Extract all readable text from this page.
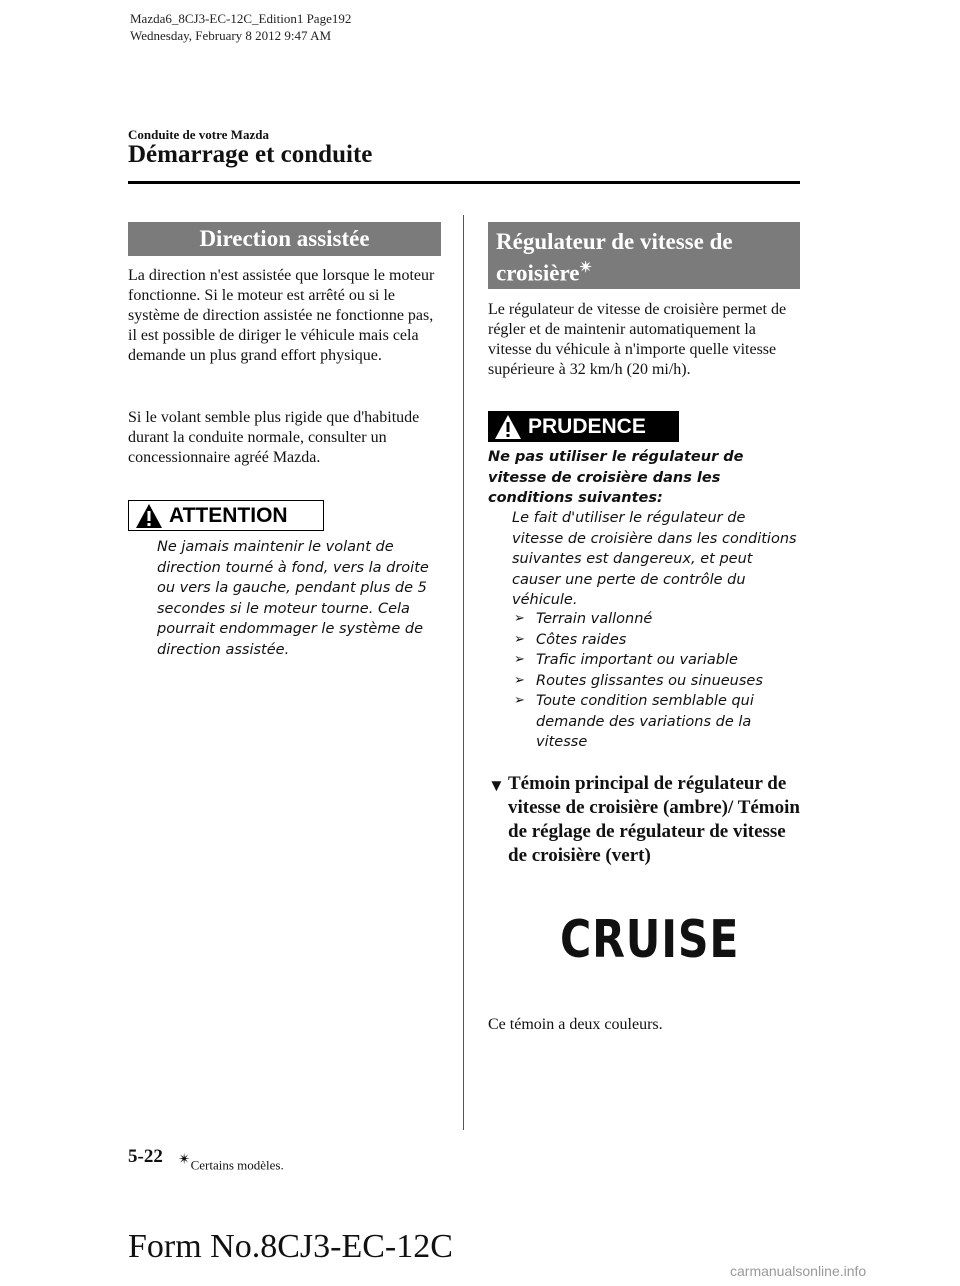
Mazda6_8CJ3-EC-12C_Edition1 Page192
Wednesday, February 8 2012 9:47 AM
Conduite de votre Mazda
Démarrage et conduite
Direction assistée
La direction n'est assistée que lorsque le moteur fonctionne. Si le moteur est arrêté ou si le système de direction assistée ne fonctionne pas, il est possible de diriger le véhicule mais cela demande un plus grand effort physique.
Si le volant semble plus rigide que d'habitude durant la conduite normale, consulter un concessionnaire agréé Mazda.
ATTENTION
Ne jamais maintenir le volant de direction tourné à fond, vers la droite ou vers la gauche, pendant plus de 5 secondes si le moteur tourne. Cela pourrait endommager le système de direction assistée.
Régulateur de vitesse de croisière✴
Le régulateur de vitesse de croisière permet de régler et de maintenir automatiquement la vitesse du véhicule à n'importe quelle vitesse supérieure à 32 km/h (20 mi/h).
PRUDENCE
Ne pas utiliser le régulateur de vitesse de croisière dans les conditions suivantes:
Le fait d'utiliser le régulateur de vitesse de croisière dans les conditions suivantes est dangereux, et peut causer une perte de contrôle du véhicule.
➢ Terrain vallonné
➢ Côtes raides
➢ Trafic important ou variable
➢ Routes glissantes ou sinueuses
➢ Toute condition semblable qui demande des variations de la vitesse
▼ Témoin principal de régulateur de vitesse de croisière (ambre)/ Témoin de réglage de régulateur de vitesse de croisière (vert)
CRUISE
Ce témoin a deux couleurs.
5-22 ✴Certains modèles.
Form No.8CJ3-EC-12C
carmanualsonline.info
